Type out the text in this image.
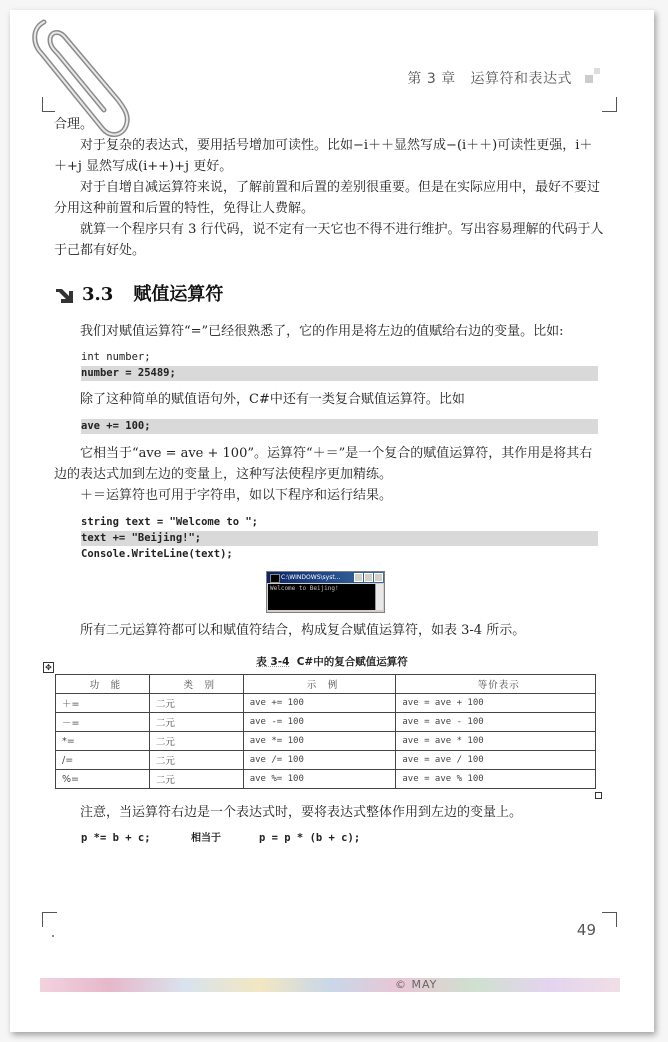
第 3 章 运算符和表达式
合理。
对于复杂的表达式，要用括号增加可读性。比如−i＋＋显然写成−(i＋＋)可读性更强，i＋＋+j 显然写成(i++)+j 更好。
对于自增自减运算符来说，了解前置和后置的差别很重要。但是在实际应用中，最好不要过分用这种前置和后置的特性，免得让人费解。
就算一个程序只有 3 行代码，说不定有一天它也不得不进行维护。写出容易理解的代码于人于己都有好处。
3.3 赋值运算符
我们对赋值运算符“=”已经很熟悉了，它的作用是将左边的值赋给右边的变量。比如:
int number;
number = 25489;
除了这种简单的赋值语句外，C#中还有一类复合赋值运算符。比如
ave += 100;
它相当于“ave = ave + 100”。运算符“＋＝”是一个复合的赋值运算符，其作用是将其右边的表达式加到左边的变量上，这种写法使程序更加精练。
＋＝运算符也可用于字符串，如以下程序和运行结果。
string text = "Welcome to ";
text += "Beijing!";
Console.WriteLine(text);
C:\WINDOWS\syst...
Welcome to Beijing!
所有二元运算符都可以和赋值符结合，构成复合赋值运算符，如表 3-4 所示。
表 3-4 C#中的复合赋值运算符
✥
功　能	类　别	示　例	等价表示
＋=	二元	ave += 100	ave = ave + 100
－=	二元	ave -= 100	ave = ave - 100
*=	二元	ave *= 100	ave = ave * 100
/=	二元	ave /= 100	ave = ave / 100
%=	二元	ave %= 100	ave = ave % 100
注意，当运算符右边是一个表达式时，要将表达式整体作用到左边的变量上。
p *= b + c;	相当于	p = p * (b + c);
49
© MAY
